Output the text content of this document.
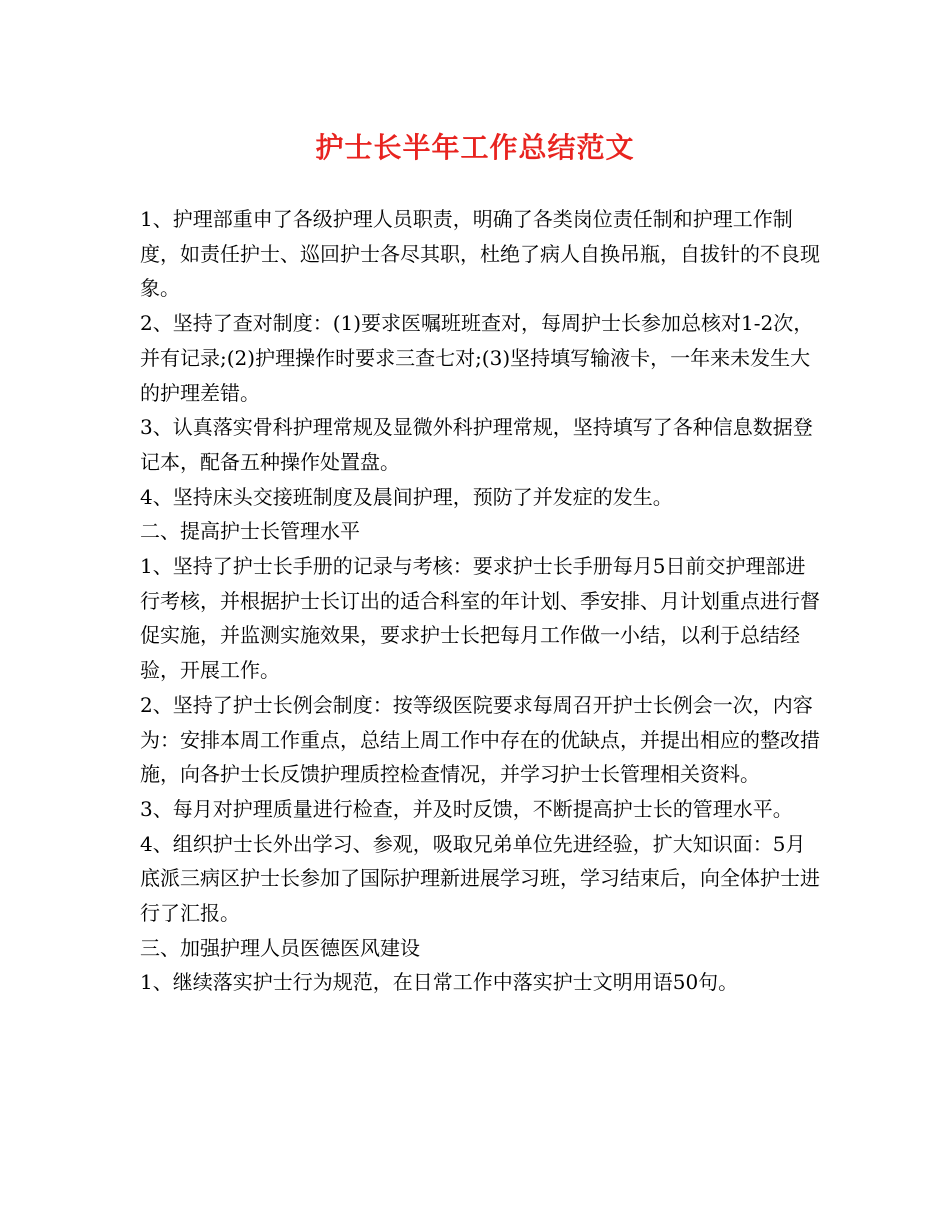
护士长半年工作总结范文

1、护理部重申了各级护理人员职责，明确了各类岗位责任制和护理工作制度，如责任护士、巡回护士各尽其职，杜绝了病人自换吊瓶，自拔针的不良现象。

2、坚持了查对制度：(1)要求医嘱班班查对，每周护士长参加总核对1-2次，并有记录;(2)护理操作时要求三查七对;(3)坚持填写输液卡，一年来未发生大的护理差错。

3、认真落实骨科护理常规及显微外科护理常规，坚持填写了各种信息数据登记本，配备五种操作处置盘。

4、坚持床头交接班制度及晨间护理，预防了并发症的发生。

二、提高护士长管理水平

1、坚持了护士长手册的记录与考核：要求护士长手册每月5日前交护理部进行考核，并根据护士长订出的适合科室的年计划、季安排、月计划重点进行督促实施，并监测实施效果，要求护士长把每月工作做一小结，以利于总结经验，开展工作。

2、坚持了护士长例会制度：按等级医院要求每周召开护士长例会一次，内容为：安排本周工作重点，总结上周工作中存在的优缺点，并提出相应的整改措施，向各护士长反馈护理质控检查情况，并学习护士长管理相关资料。

3、每月对护理质量进行检查，并及时反馈，不断提高护士长的管理水平。

4、组织护士长外出学习、参观，吸取兄弟单位先进经验，扩大知识面：5月底派三病区护士长参加了国际护理新进展学习班，学习结束后，向全体护士进行了汇报。

三、加强护理人员医德医风建设

1、继续落实护士行为规范，在日常工作中落实护士文明用语50句。
